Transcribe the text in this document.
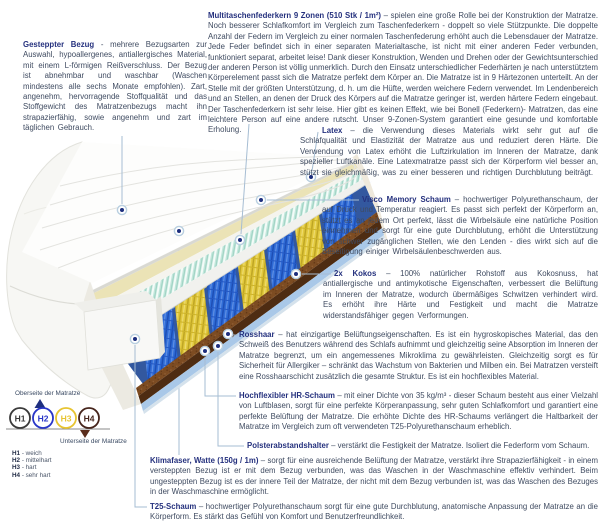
H1 H2 H3 H4
Gesteppter Bezug - mehrere Bezugsarten zur Auswahl, hypoallergenes, antiallergisches Material, mit einem L-förmigen Reißverschluss. Der Bezug ist abnehmbar und waschbar (Waschen mindestens alle sechs Monate empfohlen). Zart, angenehm, hervorragende Stoffqualität und das Stoffgewicht des Matratzenbezugs macht ihn strapazierfähig, sowie angenehm und zart im täglichen Gebrauch.
Multitaschenfederkern 9 Zonen (510 Stk / 1m²) – spielen eine große Rolle bei der Konstruktion der Matratze. Noch besserer Schlafkomfort im Vergleich zum Taschenfederkern - doppelt so viele Stützpunkte. Die doppelte Anzahl der Federn im Vergleich zu einer normalen Taschenfederung erhöht auch die Lebensdauer der Matratze. Jede Feder befindet sich in einer separaten Materialtasche, ist nicht mit einer anderen Feder verbunden, funktioniert separat, arbeitet leise! Dank dieser Konstruktion, Wenden und Drehen oder der Gewichtsunterschied der anderen Person ist völlig unmerklich. Durch den Einsatz unterschiedlicher Federhärten je nach unterstütztem Körperelement passt sich die Matratze perfekt dem Körper an. Die Matratze ist in 9 Härtezonen unterteilt. An der Stelle mit der größten Unterstützung, d. h. um die Hüfte, werden weichere Federn verwendet. Im Lendenbereich und an Stellen, an denen der Druck des Körpers auf die Matratze geringer ist, werden härtere Federn eingebaut. Der Taschenfederkern ist sehr leise. Hier gibt es keinen Effekt, wie bei Bonell (Federkern)- Matratzen, das eine leichtere Person auf eine andere rutscht. Unser 9-Zonen-System garantiert eine gesunde und komfortable Erholung.	Latex – die Verwendung dieses Materials wirkt sehr gut auf die Schlafqualität und Elastizität der Matratze aus und reduziert deren Härte. Die Verwendung von Latex erhöht die Luftzirkulation im Inneren der Matratze, dank spezieller Luftkanäle. Eine Latexmatratze passt sich der Körperform viel besser an, stützt sie gleichmäßig, was zu einer besseren und richtigen Durchblutung beiträgt.
Visco Memory Schaum – hochwertiger Polyurethanschaum, der auf Druck und Temperatur reagiert. Es passt sich perfekt der Körperform an, stützt es an jedem Ort perfekt, lässt die Wirbelsäule eine natürliche Position einnehmen und sorgt für eine gute Durchblutung, erhöht die Unterstützung von schwer zugänglichen Stellen, wie den Lenden - dies wirkt sich auf die Beseitigung einiger Wirbelsäulenbeschwerden aus.
2x Kokos – 100% natürlicher Rohstoff aus Kokosnuss, hat antiallergische und antimykotische Eigenschaften, verbessert die Belüftung im Inneren der Matratze, wodurch übermäßiges Schwitzen verhindert wird. Es erhöht ihre Härte und Festigkeit und macht die Matratze widerstandsfähiger gegen Verformungen.
Rosshaar – hat einzigartige Belüftungseigenschaften. Es ist ein hygroskopisches Material, das den Schweiß des Benutzers während des Schlafs aufnimmt und gleichzeitig seine Absorption im Inneren der Matratze begrenzt, um ein angemessenes Mikroklima zu gewährleisten. Gleichzeitig sorgt es für Sicherheit für Allergiker – schränkt das Wachstum von Bakterien und Milben ein. Bei Matratzen versteift eine Rosshaarschicht zusätzlich die gesamte Struktur. Es ist ein hochflexibles Material.
Hochflexibler HR-Schaum – mit einer Dichte von 35 kg/m³ - dieser Schaum besteht aus einer Vielzahl von Luftblasen, sorgt für eine perfekte Körperanpassung, sehr guten Schlafkomfort und garantiert eine perfekte Belüftung der Matratze. Die erhöhte Dichte des HR-Schaums verlängert die Haltbarkeit der Matratze im Vergleich zum oft verwendeten T25-Polyurethanschaum erheblich.
Polsterabstandshalter – verstärkt die Festigkeit der Matratze. Isoliert die Federform vom Schaum.
Klimafaser, Watte (150g / 1m) – sorgt für eine ausreichende Belüftung der Matratze, verstärkt ihre Strapazierfähigkeit - in einem versteppten Bezug ist er mit dem Bezug verbunden, was das Waschen in der Waschmaschine effektiv verhindert. Beim ungesteppten Bezug ist es der innere Teil der Matratze, der nicht mit dem Bezug verbunden ist, was das Waschen des Bezuges in der Waschmaschine ermöglicht.
T25-Schaum – hochwertiger Polyurethanschaum sorgt für eine gute Durchblutung, anatomische Anpassung der Matratze an die Körperform. Es stärkt das Gefühl von Komfort und Benutzerfreundlichkeit.
Oberseite der Matratze
Unterseite der Matratze
H1 - weich
H2 - mittelhart
H3 - hart
H4 - sehr hart
